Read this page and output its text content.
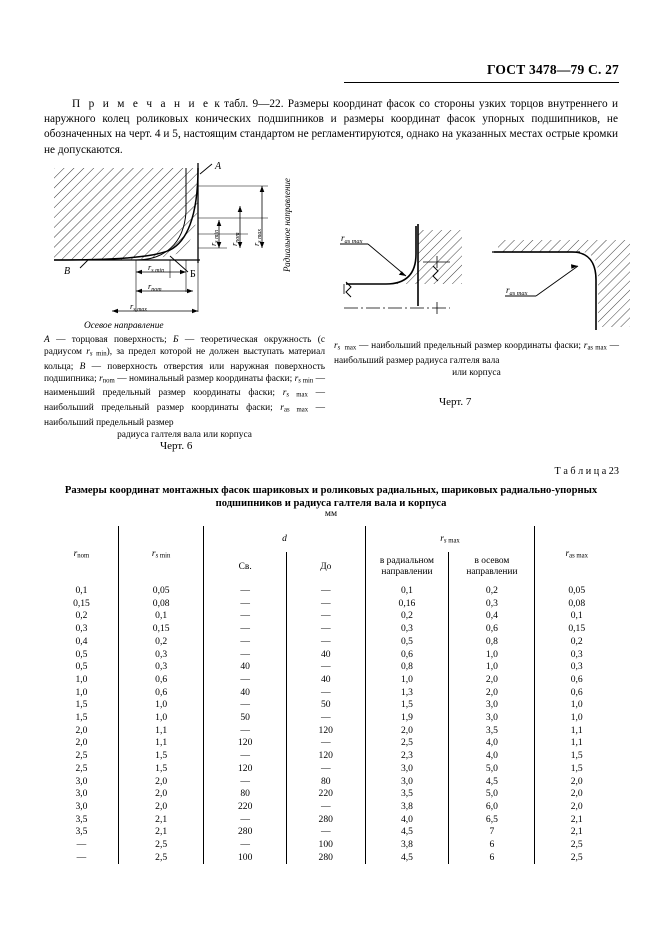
ГОСТ 3478—79 С. 27
П р и м е ч а н и е к табл. 9—22. Размеры координат фасок со стороны узких торцов внутреннего и наружного колец роликовых конических подшипников и размеры координат фасок упорных подшипников, не обозначенных на черт. 4 и 5, настоящим стандартом не регламентируются, однако на указанных местах острые кромки не допускаются.
А
Б
В	$r_{s min}$
$r_{nom}$
$r_{s max}$
$r_{s min}$
$r_{nom}$
$r_{s max}$ Радиальное направление
Осевое направление
$r_{as max}$
$r_{as max}$
А — торцовая поверхность; Б — теоретическая окружность (с радиусом $r_{s min}$), за предел которой не должен выступать материал кольца; В — поверхность отверстия или наружная поверхность подшипника; $r_{nom}$ — номинальный размер координаты фаски; $r_{s min}$ — наименьший предельный размер координаты фаски; $r_{s max}$ — наибольший предельный размер координаты фаски; $r_{as max}$ — наибольший предельный размер
радиуса галтеля вала или корпуса
$r_{s max}$ — наибольший предельный размер координаты фаски; $r_{as max}$ — наибольший размер радиуса галтеля вала
или корпуса
Черт. 6
Черт. 7
Т а б л и ц а 23
Размеры координат монтажных фасок шариковых и роликовых радиальных, шариковых радиально-упорных подшипников и радиуса галтеля вала и корпуса
мм
$r_{nom}$	$r_{s min}$	d		$r_{s max}$		$r_{as max}$
		Св.	До	в радиальном
направлении	в осевом
направлении	
0,1	0,05	—	—	0,1	0,2	0,05
0,15	0,08	—	—	0,16	0,3	0,08
0,2	0,1	—	—	0,2	0,4	0,1
0,3	0,15	—	—	0,3	0,6	0,15
0,4	0,2	—	—	0,5	0,8	0,2
0,5	0,3	—	40	0,6	1,0	0,3
0,5	0,3	40	—	0,8	1,0	0,3
1,0	0,6	—	40	1,0	2,0	0,6
1,0	0,6	40	—	1,3	2,0	0,6
1,5	1,0	—	50	1,5	3,0	1,0
1,5	1,0	50	—	1,9	3,0	1,0
2,0	1,1	—	120	2,0	3,5	1,1
2,0	1,1	120	—	2,5	4,0	1,1
2,5	1,5	—	120	2,3	4,0	1,5
2,5	1,5	120	—	3,0	5,0	1,5
3,0	2,0	—	80	3,0	4,5	2,0
3,0	2,0	80	220	3,5	5,0	2,0
3,0	2,0	220	—	3,8	6,0	2,0
3,5	2,1	—	280	4,0	6,5	2,1
3,5	2,1	280	—	4,5	7	2,1
—	2,5	—	100	3,8	6	2,5
—	2,5	100	280	4,5	6	2,5
